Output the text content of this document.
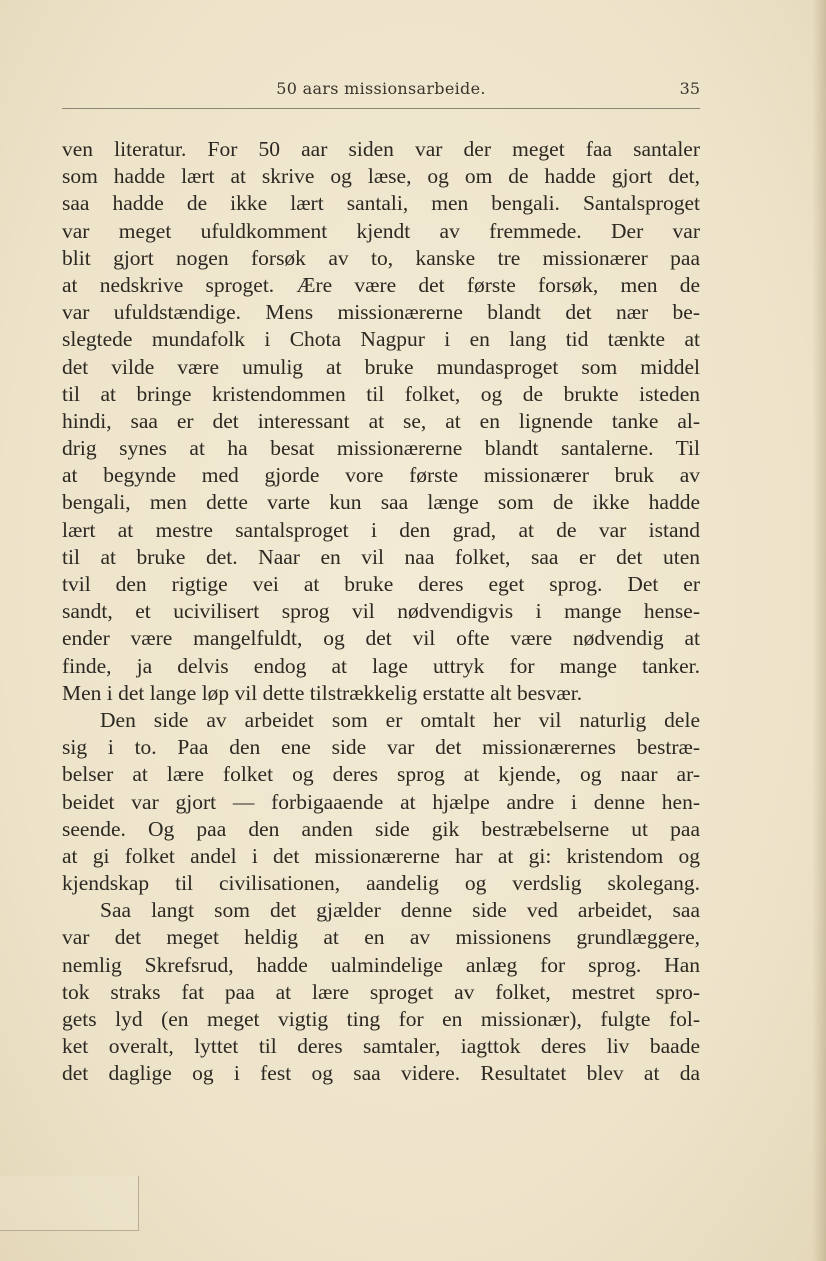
50 aars missionsarbeide.	35
ven literatur. For 50 aar siden var der meget faa santaler
som hadde lært at skrive og læse, og om de hadde gjort det,
saa hadde de ikke lært santali, men bengali. Santalsproget
var meget ufuldkomment kjendt av fremmede. Der var
blit gjort nogen forsøk av to, kanske tre missionærer paa
at nedskrive sproget. Ære være det første forsøk, men de
var ufuldstændige. Mens missionærerne blandt det nær be-
slegtede mundafolk i Chota Nagpur i en lang tid tænkte at
det vilde være umulig at bruke mundasproget som middel
til at bringe kristendommen til folket, og de brukte isteden
hindi, saa er det interessant at se, at en lignende tanke al-
drig synes at ha besat missionærerne blandt santalerne. Til
at begynde med gjorde vore første missionærer bruk av
bengali, men dette varte kun saa længe som de ikke hadde
lært at mestre santalsproget i den grad, at de var istand
til at bruke det. Naar en vil naa folket, saa er det uten
tvil den rigtige vei at bruke deres eget sprog. Det er
sandt, et ucivilisert sprog vil nødvendigvis i mange hense-
ender være mangelfuldt, og det vil ofte være nødvendig at
finde, ja delvis endog at lage uttryk for mange tanker.
Men i det lange løp vil dette tilstrækkelig erstatte alt besvær.
Den side av arbeidet som er omtalt her vil naturlig dele
sig i to. Paa den ene side var det missionærernes bestræ-
belser at lære folket og deres sprog at kjende, og naar ar-
beidet var gjort — forbigaaende at hjælpe andre i denne hen-
seende. Og paa den anden side gik bestræbelserne ut paa
at gi folket andel i det missionærerne har at gi: kristendom og
kjendskap til civilisationen, aandelig og verdslig skolegang.
Saa langt som det gjælder denne side ved arbeidet, saa
var det meget heldig at en av missionens grundlæggere,
nemlig Skrefsrud, hadde ualmindelige anlæg for sprog. Han
tok straks fat paa at lære sproget av folket, mestret spro-
gets lyd (en meget vigtig ting for en missionær), fulgte fol-
ket overalt, lyttet til deres samtaler, iagttok deres liv baade
det daglige og i fest og saa videre. Resultatet blev at da
